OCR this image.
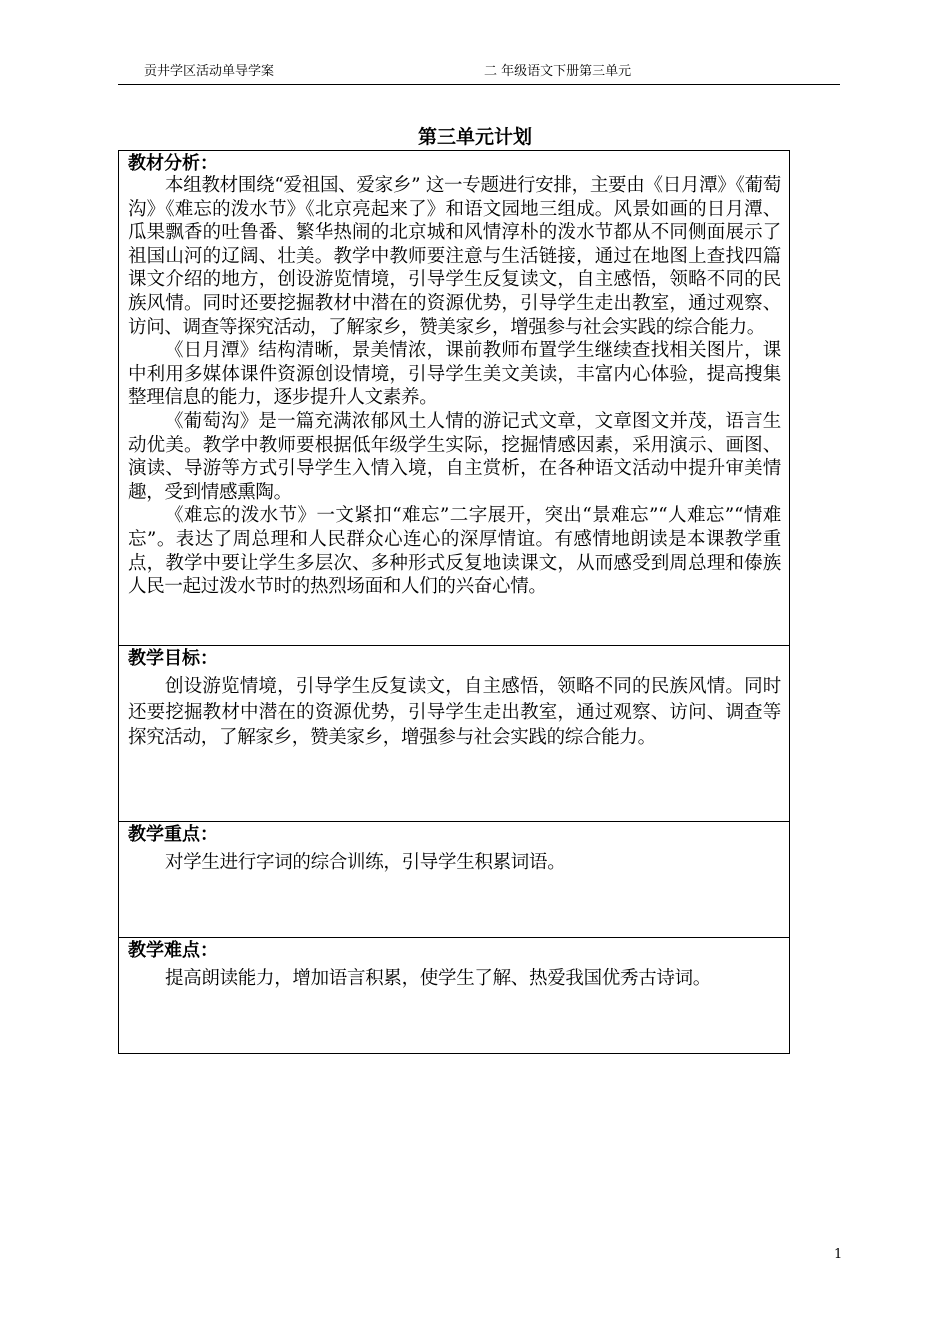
贡井学区活动单导学案	二 年级语文下册第三单元
第三单元计划

教材分析：

本组教材围绕“爱祖国、爱家乡” 这一专题进行安排，主要由《日月潭》《葡萄沟》《难忘的泼水节》《北京亮起来了》和语文园地三组成。风景如画的日月潭、瓜果飘香的吐鲁番、繁华热闹的北京城和风情淳朴的泼水节都从不同侧面展示了祖国山河的辽阔、壮美。教学中教师要注意与生活链接，通过在地图上查找四篇课文介绍的地方，创设游览情境，引导学生反复读文，自主感悟，领略不同的民族风情。同时还要挖掘教材中潜在的资源优势，引导学生走出教室，通过观察、访问、调查等探究活动，了解家乡，赞美家乡，增强参与社会实践的综合能力。

《日月潭》结构清晰，景美情浓，课前教师布置学生继续查找相关图片，课中利用多媒体课件资源创设情境，引导学生美文美读，丰富内心体验，提高搜集整理信息的能力，逐步提升人文素养。

《葡萄沟》是一篇充满浓郁风土人情的游记式文章，文章图文并茂，语言生动优美。教学中教师要根据低年级学生实际，挖掘情感因素，采用演示、画图、演读、导游等方式引导学生入情入境，自主赏析，在各种语文活动中提升审美情趣，受到情感熏陶。

《难忘的泼水节》一文紧扣“难忘”二字展开，突出“景难忘”“人难忘”“情难忘”。表达了周总理和人民群众心连心的深厚情谊。有感情地朗读是本课教学重点，教学中要让学生多层次、多种形式反复地读课文，从而感受到周总理和傣族人民一起过泼水节时的热烈场面和人们的兴奋心情。

教学目标：

创设游览情境，引导学生反复读文，自主感悟，领略不同的民族风情。同时还要挖掘教材中潜在的资源优势，引导学生走出教室，通过观察、访问、调查等探究活动，了解家乡，赞美家乡，增强参与社会实践的综合能力。

教学重点：

对学生进行字词的综合训练，引导学生积累词语。

教学难点：

提高朗读能力，增加语言积累，使学生了解、热爱我国优秀古诗词。

1
